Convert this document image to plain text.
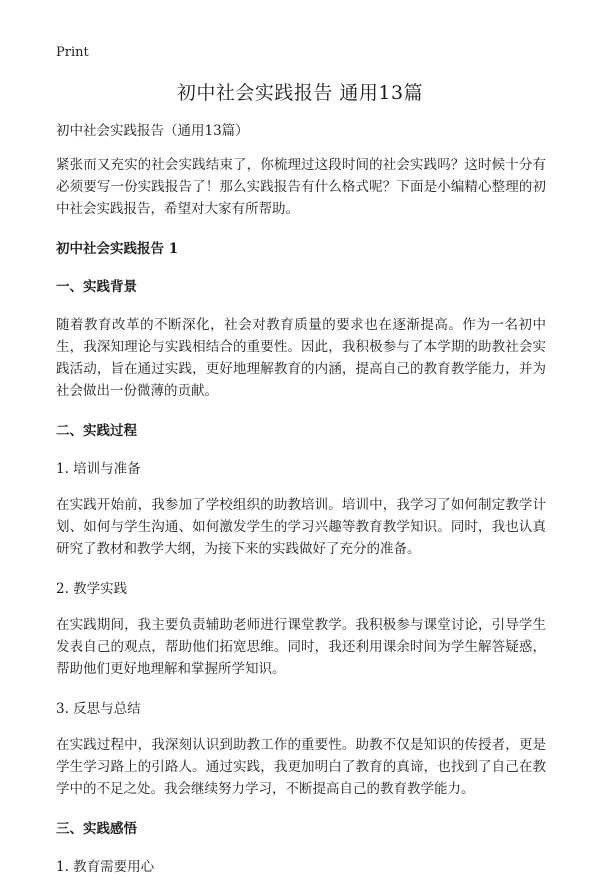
Print
初中社会实践报告 通用13篇

初中社会实践报告（通用13篇）

紧张而又充实的社会实践结束了，你梳理过这段时间的社会实践吗？这时候十分有必须要写一份实践报告了！那么实践报告有什么格式呢？下面是小编精心整理的初中社会实践报告，希望对大家有所帮助。

初中社会实践报告 1

一、实践背景

随着教育改革的不断深化，社会对教育质量的要求也在逐渐提高。作为一名初中生，我深知理论与实践相结合的重要性。因此，我积极参与了本学期的助教社会实践活动，旨在通过实践，更好地理解教育的内涵，提高自己的教育教学能力，并为社会做出一份微薄的贡献。

二、实践过程

1. 培训与准备

在实践开始前，我参加了学校组织的助教培训。培训中，我学习了如何制定教学计划、如何与学生沟通、如何激发学生的学习兴趣等教育教学知识。同时，我也认真研究了教材和教学大纲，为接下来的实践做好了充分的准备。

2. 教学实践

在实践期间，我主要负责辅助老师进行课堂教学。我积极参与课堂讨论，引导学生发表自己的观点，帮助他们拓宽思维。同时，我还利用课余时间为学生解答疑惑，帮助他们更好地理解和掌握所学知识。

3. 反思与总结

在实践过程中，我深刻认识到助教工作的重要性。助教不仅是知识的传授者，更是学生学习路上的引路人。通过实践，我更加明白了教育的真谛，也找到了自己在教学中的不足之处。我会继续努力学习，不断提高自己的教育教学能力。

三、实践感悟

1. 教育需要用心
